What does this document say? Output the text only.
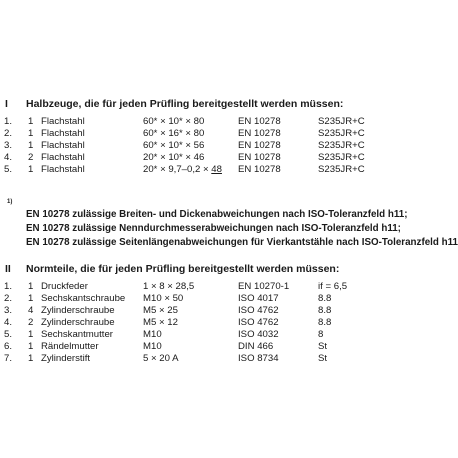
I Halbzeuge, die für jeden Prüfling bereitgestellt werden müssen:
1. 1 Flachstahl	60* × 10* × 80	EN 10278	S235JR+C
2. 1 Flachstahl	60* × 16* × 80	EN 10278	S235JR+C
3. 1 Flachstahl	60* × 10* × 56	EN 10278	S235JR+C
4. 2 Flachstahl	20* × 10* × 46	EN 10278	S235JR+C
5. 1 Flachstahl	20* × 9,7–0,2 × 48 EN 10278	S235JR+C
1)
EN 10278 zulässige Breiten- und Dickenabweichungen nach ISO-Toleranzfeld h11;
EN 10278 zulässige Nenndurchmesserabweichungen nach ISO-Toleranzfeld h11;
EN 10278 zulässige Seitenlängenabweichungen für Vierkantstähle nach ISO-Toleranzfeld h11
II Normteile, die für jeden Prüfling bereitgestellt werden müssen:
1. 1 Druckfeder	1 × 8 × 28,5	EN 10270-1	if = 6,5
2. 1 Sechskantschraube M10 × 50	ISO 4017	8.8
3. 4 Zylinderschraube	M5 × 25	ISO 4762	8.8
4. 2 Zylinderschraube	M5 × 12	ISO 4762	8.8
5. 1 Sechskantmutter	M10	ISO 4032	8
6. 1 Rändelmutter	M10	DIN 466	St
7. 1 Zylinderstift	5 × 20 A	ISO 8734	St
